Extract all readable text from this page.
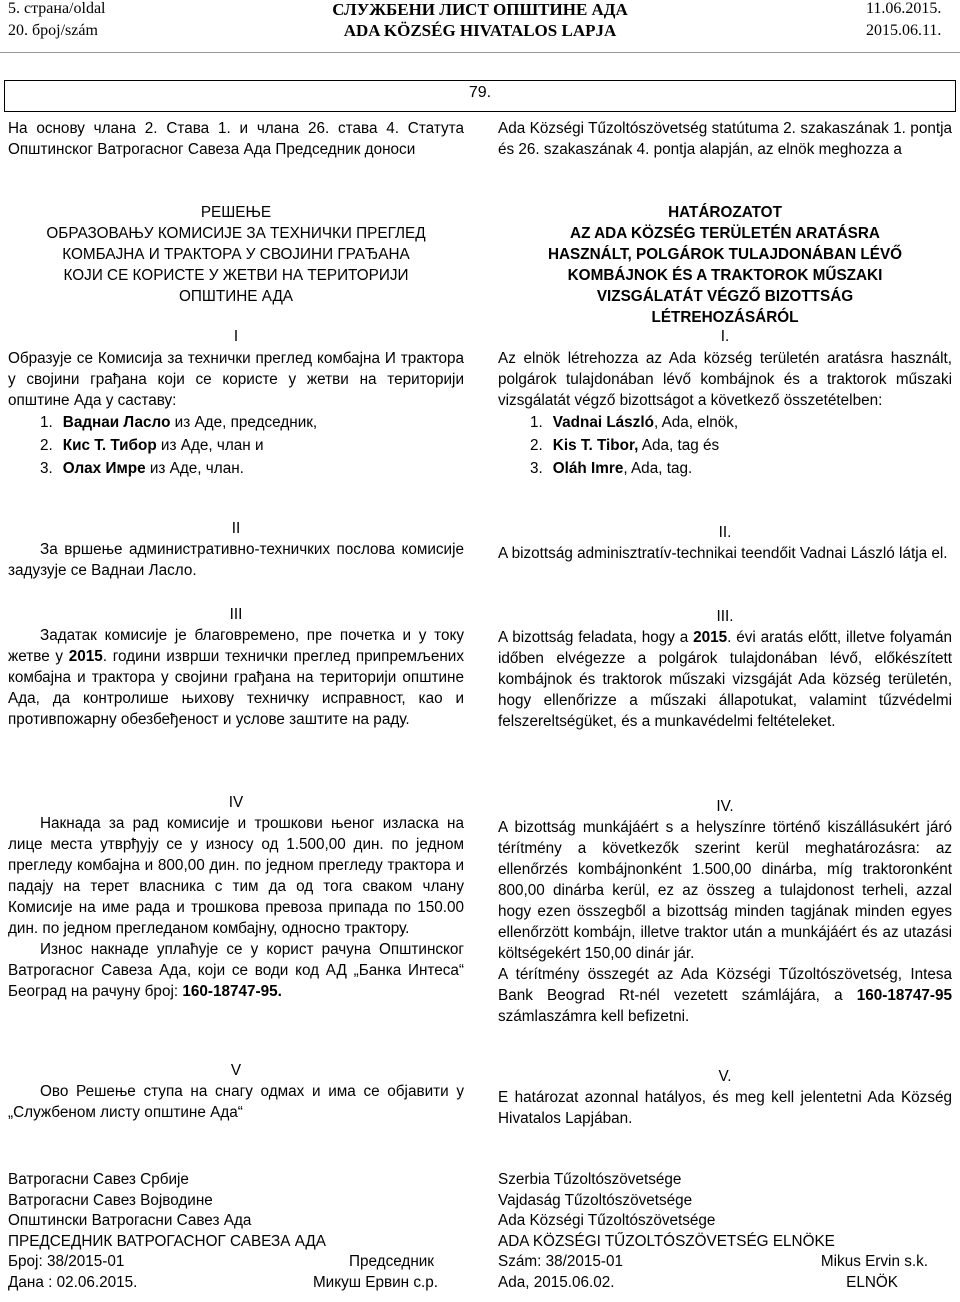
5. страна/oldal
20. број/szám
СЛУЖБЕНИ ЛИСТ ОПШТИНЕ АДА
ADA KÖZSÉG HIVATALOS LAPJA
11.06.2015.
2015.06.11.
79.

На основу члана 2. Става 1. и члана 26. става 4. Статута Општинског Ватрогасног Савеза Ада Председник доноси

РЕШЕЊЕ

ОБРАЗОВАЊУ КОМИСИЈЕ ЗА ТЕХНИЧКИ ПРЕГЛЕД

КОМБАЈНА И ТРАКТОРА У СВОЈИНИ ГРАЂАНА

КОЈИ СЕ КОРИСТЕ У ЖЕТВИ НА ТЕРИТОРИЈИ

ОПШТИНЕ АДА

I

Образује се Комисија за технички преглед комбајна И трактора у својини грађана који се користе у жетви на територији општине Ада у саставу:

1. Ваднаи Ласло из Аде, председник,
2. Кис Т. Тибор из Аде, члан и
3. Олах Имре из Аде, члан.

II

За вршење административно-техничких послова комисије задузује се Ваднаи Ласло.

III

Задатак комисије је благовремено, пре почетка и у току жетве у 2015. години изврши технички преглед припремљених комбајна и трактора у својини грађана на територији општине Ада, да контролише њихову техничку исправност, као и противпожарну обезбеђеност и услове заштите на раду.

IV

Накнада за рад комисије и трошкови њеног изласка на лице места утврђују се у износу од 1.500,00 дин. по једном прегледу комбајна и 800,00 дин. по једном прегледу трактора и падају на терет власника с тим да од тога сваком члану Комисије на име рада и трошкова превоза припада по 150.00 дин. по једном прегледаном комбајну, односно трактору.

Износ накнаде уплаћује се у корист рачуна Општинског Ватрогасног Савеза Ада, који се води код АД „Банка Интеса“ Београд на рачуну број: 160-18747-95.

V

Ово Решење ступа на снагу одмах и има се објавити у „Службеном листу општине Ада“

Ватрогасни Савез Србије

Ватрогасни Савез Војводине

Општински Ватрогасни Савез Ада

ПРЕДСЕДНИК ВАТРОГАСНОГ САВЕЗА АДА

Број: 38/2015-01	Председник
Дана : 02.06.2015.	Микуш Ервин с.р.

Ada Községi Tűzoltószövetség statútuma 2. szakaszának 1. pontja és 26. szakaszának 4. pontja alapján, az elnök meghozza a

HATÁROZATOT

AZ ADA KÖZSÉG TERÜLETÉN ARATÁSRA

HASZNÁLT, POLGÁROK TULAJDONÁBAN LÉVŐ

KOMBÁJNOK ÉS A TRAKTOROK MŰSZAKI

VIZSGÁLATÁT VÉGZŐ BIZOTTSÁG

LÉTREHOZÁSÁRÓL

I.

Az elnök létrehozza az Ada község területén aratásra használt, polgárok tulajdonában lévő kombájnok és a traktorok műszaki vizsgálatát végző bizottságot a következő összetételben:

1. Vadnai László, Ada, elnök,
2. Kis T. Tibor, Ada, tag és
3. Oláh Imre, Ada, tag.

II.

A bizottság adminisztratív-technikai teendőit Vadnai László látja el.

III.

A bizottság feladata, hogy a 2015. évi aratás előtt, illetve folyamán időben elvégezze a polgárok tulajdonában lévő, előkészített kombájnok és traktorok műszaki vizsgáját Ada község területén, hogy ellenőrizze a műszaki állapotukat, valamint tűzvédelmi felszereltségüket, és a munkavédelmi feltételeket.

IV.

A bizottság munkájáért s a helyszínre történő kiszállásukért járó térítmény a következők szerint kerül meghatározásra: az ellenőrzés kombájnonként 1.500,00 dinárba, míg traktoronként 800,00 dinárba kerül, ez az összeg a tulajdonost terheli, azzal hogy ezen összegből a bizottság minden tagjának minden egyes ellenőrzött kombájn, illetve traktor után a munkájáért és az utazási költségekért 150,00 dinár jár.

A térítmény összegét az Ada Községi Tűzoltószövetség, Intesa Bank Beograd Rt-nél vezetett számlájára, a 160-18747-95 számlaszámra kell befizetni.

V.

E határozat azonnal hatályos, és meg kell jelentetni Ada Község Hivatalos Lapjában.

Szerbia Tűzoltószövetsége

Vajdaság Tűzoltószövetsége

Ada Községi Tűzoltószövetsége

ADA KÖZSÉGI TŰZOLTÓSZÖVETSÉG ELNÖKE

Szám: 38/2015-01	Mikus Ervin s.k.
Ada, 2015.06.02.	ELNÖK
